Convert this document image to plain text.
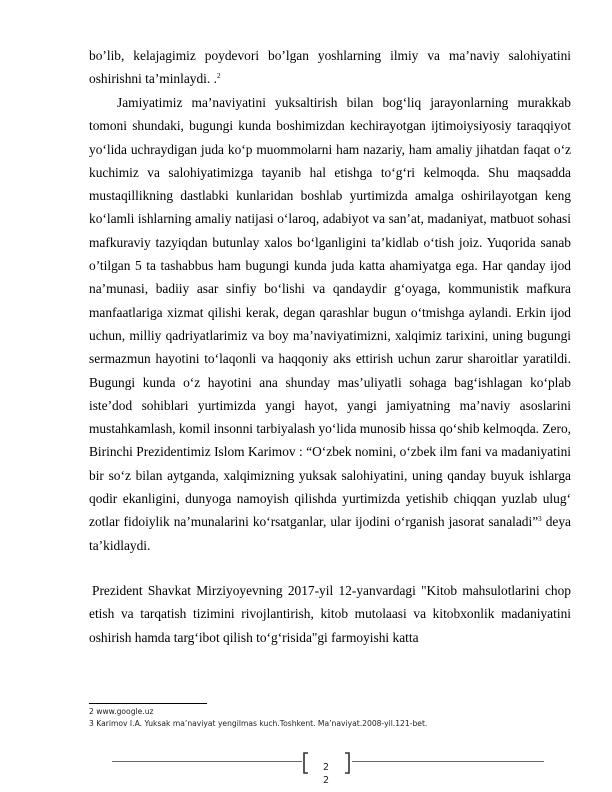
bo’lib, kelajagimiz poydevori bo’lgan yoshlarning ilmiy va ma’naviy salohiyatini oshirishni ta’minlaydi. .$^2$
Jamiyatimiz ma’naviyatini yuksaltirish bilan bog‘liq jarayonlarning murakkab tomoni shundaki, bugungi kunda boshimizdan kechirayotgan ijtimoiysiyosiy taraqqiyot yo‘lida uchraydigan juda ko‘p muommolarni ham nazariy, ham amaliy jihatdan faqat o‘z kuchimiz va salohiyatimizga tayanib hal etishga to‘g‘ri kelmoqda. Shu maqsadda mustaqillikning dastlabki kunlaridan boshlab yurtimizda amalga oshirilayotgan keng ko‘lamli ishlarning amaliy natijasi o‘laroq, adabiyot va san’at, madaniyat, matbuot sohasi mafkuraviy tazyiqdan butunlay xalos bo‘lganligini ta’kidlab o‘tish joiz. Yuqorida sanab o’tilgan 5 ta tashabbus ham bugungi kunda juda katta ahamiyatga ega. Har qanday ijod na’munasi, badiiy asar sinfiy bo‘lishi va qandaydir g‘oyaga, kommunistik mafkura manfaatlariga xizmat qilishi kerak, degan qarashlar bugun o‘tmishga aylandi. Erkin ijod uchun, milliy qadriyatlarimiz va boy ma’naviyatimizni, xalqimiz tarixini, uning bugungi sermazmun hayotini to‘laqonli va haqqoniy aks ettirish uchun zarur sharoitlar yaratildi. Bugungi kunda o‘z hayotini ana shunday mas’uliyatli sohaga bag‘ishlagan ko‘plab iste’dod sohiblari yurtimizda yangi hayot, yangi jamiyatning ma’naviy asoslarini mustahkamlash, komil insonni tarbiyalash yo‘lida munosib hissa qo‘shib kelmoqda. Zero, Birinchi Prezidentimiz Islom Karimov : “O‘zbek nomini, o‘zbek ilm fani va madaniyatini bir so‘z bilan aytganda, xalqimizning yuksak salohiyatini, uning qanday buyuk ishlarga qodir ekanligini, dunyoga namoyish qilishda yurtimizda yetishib chiqqan yuzlab ulug‘ zotlar fidoiylik na’munalarini ko‘rsatganlar, ular ijodini o‘rganish jasorat sanaladi”$^3$ deya ta’kidlaydi.
Prezident Shavkat Mirziyoyevning 2017-yil 12-yanvardagi "Kitob mahsulotlarini chop etish va tarqatish tizimini rivojlantirish, kitob mutolaasi va kitobxonlik madaniyatini oshirish hamda targ‘ibot qilish to‘g‘risida"gi farmoyishi katta
2 www.google.uz
3 Karimov I.A. Yuksak ma’naviyat yengilmas kuch.Toshkent. Ma’naviyat.2008-yil.121-bet.
2
2
